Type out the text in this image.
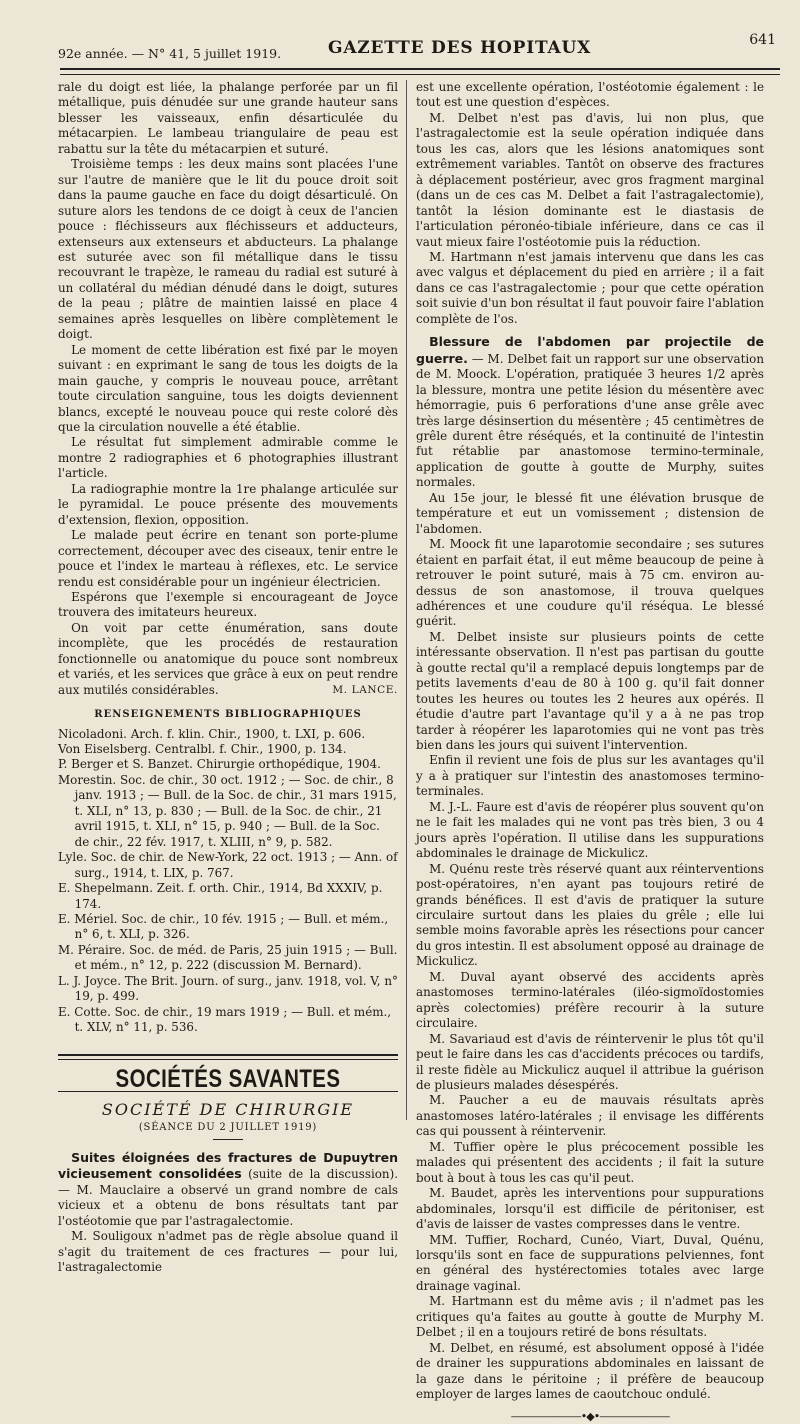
92e année. — N° 41, 5 juillet 1919.	GAZETTE DES HOPITAUX	641

rale du doigt est liée, la phalange perforée par un fil métallique, puis dénudée sur une grande hauteur sans blesser les vaisseaux, enfin désarticulée du métacarpien. Le lambeau triangulaire de peau est rabattu sur la tête du métacarpien et suturé.

Troisième temps : les deux mains sont placées l'une sur l'autre de manière que le lit du pouce droit soit dans la paume gauche en face du doigt désarticulé. On suture alors les tendons de ce doigt à ceux de l'ancien pouce : fléchisseurs aux fléchisseurs et adducteurs, extenseurs aux extenseurs et abducteurs. La phalange est suturée avec son fil métallique dans le tissu recouvrant le trapèze, le rameau du radial est suturé à un collatéral du médian dénudé dans le doigt, sutures de la peau ; plâtre de maintien laissé en place 4 semaines après lesquelles on libère complètement le doigt.

Le moment de cette libération est fixé par le moyen suivant : en exprimant le sang de tous les doigts de la main gauche, y compris le nouveau pouce, arrêtant toute circulation sanguine, tous les doigts deviennent blancs, excepté le nouveau pouce qui reste coloré dès que la circulation nouvelle a été établie.

Le résultat fut simplement admirable comme le montre 2 radiographies et 6 photographies illustrant l'article.

La radiographie montre la 1re phalange articulée sur le pyramidal. Le pouce présente des mouvements d'extension, flexion, opposition.

Le malade peut écrire en tenant son porte-plume correctement, découper avec des ciseaux, tenir entre le pouce et l'index le marteau à réflexes, etc. Le service rendu est considérable pour un ingénieur électricien.

Espérons que l'exemple si encourageant de Joyce trouvera des imitateurs heureux.

On voit par cette énumération, sans doute incomplète, que les procédés de restauration fonctionnelle ou anatomique du pouce sont nombreux et variés, et les services que grâce à eux on peut rendre aux mutilés considérables.	M. LANCE.

RENSEIGNEMENTS BIBLIOGRAPHIQUES

Nicoladoni. Arch. f. klin. Chir., 1900, t. LXI, p. 606.

Von Eiselsberg. Centralbl. f. Chir., 1900, p. 134.

P. Berger et S. Banzet. Chirurgie orthopédique, 1904.

Morestin. Soc. de chir., 30 oct. 1912 ; — Soc. de chir., 8 janv. 1913 ; — Bull. de la Soc. de chir., 31 mars 1915, t. XLI, n° 13, p. 830 ; — Bull. de la Soc. de chir., 21 avril 1915, t. XLI, n° 15, p. 940 ; — Bull. de la Soc. de chir., 22 fév. 1917, t. XLIII, n° 9, p. 582.

Lyle. Soc. de chir. de New-York, 22 oct. 1913 ; — Ann. of surg., 1914, t. LIX, p. 767.

E. Shepelmann. Zeit. f. orth. Chir., 1914, Bd XXXIV, p. 174.

E. Mériel. Soc. de chir., 10 fév. 1915 ; — Bull. et mém., n° 6, t. XLI, p. 326.

M. Péraire. Soc. de méd. de Paris, 25 juin 1915 ; — Bull. et mém., n° 12, p. 222 (discussion M. Bernard).

L. J. Joyce. The Brit. Journ. of surg., janv. 1918, vol. V, n° 19, p. 499.

E. Cotte. Soc. de chir., 19 mars 1919 ; — Bull. et mém., t. XLV, n° 11, p. 536.

SOCIÉTÉS SAVANTES
SOCIÉTÉ DE CHIRURGIE
(SÉANCE DU 2 JUILLET 1919)

Suites éloignées des fractures de Dupuytren vicieusement consolidées (suite de la discussion). — M. Mauclaire a observé un grand nombre de cals vicieux et a obtenu de bons résultats tant par l'ostéotomie que par l'astragalectomie.

M. Souligoux n'admet pas de règle absolue quand il s'agit du traitement de ces fractures — pour lui, l'astragalectomie

est une excellente opération, l'ostéotomie également : le tout est une question d'espèces.

M. Delbet n'est pas d'avis, lui non plus, que l'astragalectomie est la seule opération indiquée dans tous les cas, alors que les lésions anatomiques sont extrêmement variables. Tantôt on observe des fractures à déplacement postérieur, avec gros fragment marginal (dans un de ces cas M. Delbet a fait l'astragalectomie), tantôt la lésion dominante est le diastasis de l'articulation péronéo-tibiale inférieure, dans ce cas il vaut mieux faire l'ostéotomie puis la réduction.

M. Hartmann n'est jamais intervenu que dans les cas avec valgus et déplacement du pied en arrière ; il a fait dans ce cas l'astragalectomie ; pour que cette opération soit suivie d'un bon résultat il faut pouvoir faire l'ablation complète de l'os.

Blessure de l'abdomen par projectile de guerre. — M. Delbet fait un rapport sur une observation de M. Moock. L'opération, pratiquée 3 heures 1/2 après la blessure, montra une petite lésion du mésentère avec hémorragie, puis 6 perforations d'une anse grêle avec très large désinsertion du mésentère ; 45 centimètres de grêle durent être réséqués, et la continuité de l'intestin fut rétablie par anastomose termino-terminale, application de goutte à goutte de Murphy, suites normales.

Au 15e jour, le blessé fit une élévation brusque de température et eut un vomissement ; distension de l'abdomen.

M. Moock fit une laparotomie secondaire ; ses sutures étaient en parfait état, il eut même beaucoup de peine à retrouver le point suturé, mais à 75 cm. environ au-dessus de son anastomose, il trouva quelques adhérences et une coudure qu'il réséqua. Le blessé guérit.

M. Delbet insiste sur plusieurs points de cette intéressante observation. Il n'est pas partisan du goutte à goutte rectal qu'il a remplacé depuis longtemps par de petits lavements d'eau de 80 à 100 g. qu'il fait donner toutes les heures ou toutes les 2 heures aux opérés. Il étudie d'autre part l'avantage qu'il y a à ne pas trop tarder à réopérer les laparotomies qui ne vont pas très bien dans les jours qui suivent l'intervention.

Enfin il revient une fois de plus sur les avantages qu'il y a à pratiquer sur l'intestin des anastomoses termino-terminales.

M. J.-L. Faure est d'avis de réopérer plus souvent qu'on ne le fait les malades qui ne vont pas très bien, 3 ou 4 jours après l'opération. Il utilise dans les suppurations abdominales le drainage de Mickulicz.

M. Quénu reste très réservé quant aux réinterventions post-opératoires, n'en ayant pas toujours retiré de grands bénéfices. Il est d'avis de pratiquer la suture circulaire surtout dans les plaies du grêle ; elle lui semble moins favorable après les résections pour cancer du gros intestin. Il est absolument opposé au drainage de Mickulicz.

M. Duval ayant observé des accidents après anastomoses termino-latérales (iléo-sigmoïdostomies après colectomies) préfère recourir à la suture circulaire.

M. Savariaud est d'avis de réintervenir le plus tôt qu'il peut le faire dans les cas d'accidents précoces ou tardifs, il reste fidèle au Mickulicz auquel il attribue la guérison de plusieurs malades désespérés.

M. Paucher a eu de mauvais résultats après anastomoses latéro-latérales ; il envisage les différents cas qui poussent à réintervenir.

M. Tuffier opère le plus précocement possible les malades qui présentent des accidents ; il fait la suture bout à bout à tous les cas qu'il peut.

M. Baudet, après les interventions pour suppurations abdominales, lorsqu'il est difficile de péritoniser, est d'avis de laisser de vastes compresses dans le ventre.

MM. Tuffier, Rochard, Cunéo, Viart, Duval, Quénu, lorsqu'ils sont en face de suppurations pelviennes, font en général des hystérectomies totales avec large drainage vaginal.

M. Hartmann est du même avis ; il n'admet pas les critiques qu'a faites au goutte à goutte de Murphy M. Delbet ; il en a toujours retiré de bons résultats.

M. Delbet, en résumé, est absolument opposé à l'idée de drainer les suppurations abdominales en laissant de la gaze dans le péritoine ; il préfère de beaucoup employer de larges lames de caoutchouc ondulé.

———————•◆•———————
